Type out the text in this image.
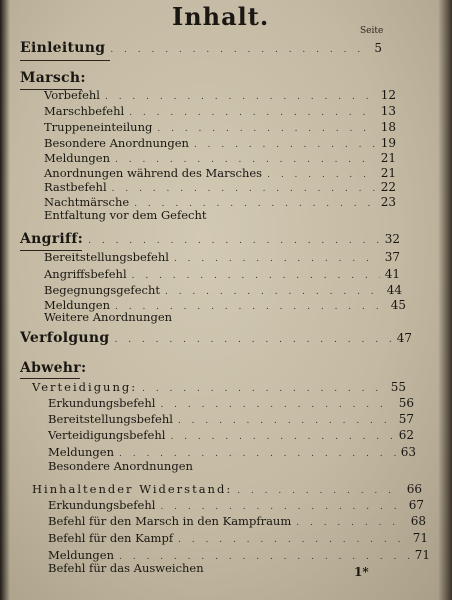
Inhalt.	Seite
Einleitung . . .	5
Marsch:
Vorbefehl . . .	12
Marschbefehl . . .	13
Truppeneinteilung . . .	18
Besondere Anordnungen . . .	19
Meldungen . . .	21
Anordnungen während des Marsches . . .	21
Rastbefehl . . .	22
Nachtmärsche . . .	23
Entfaltung vor dem Gefecht
Angriff: . . .	32
Bereitstellungsbefehl . . .	37
Angriffsbefehl . . .	41
Begegnungsgefecht . . .	44
Meldungen . . .	45
Weitere Anordnungen
Verfolgung . . .	47
Abwehr:
Verteidigung: . . .	55
Erkundungsbefehl . . .	56
Bereitstellungsbefehl . . .	57
Verteidigungsbefehl . . .	62
Meldungen . . .	63
Besondere Anordnungen
Hinhaltender Widerstand: . . .	66
Erkundungsbefehl . . .	67
Befehl für den Marsch in den Kampfraum . . .	68
Befehl für den Kampf . . .	71
Meldungen . . .	71
Befehl für das Ausweichen	1*
